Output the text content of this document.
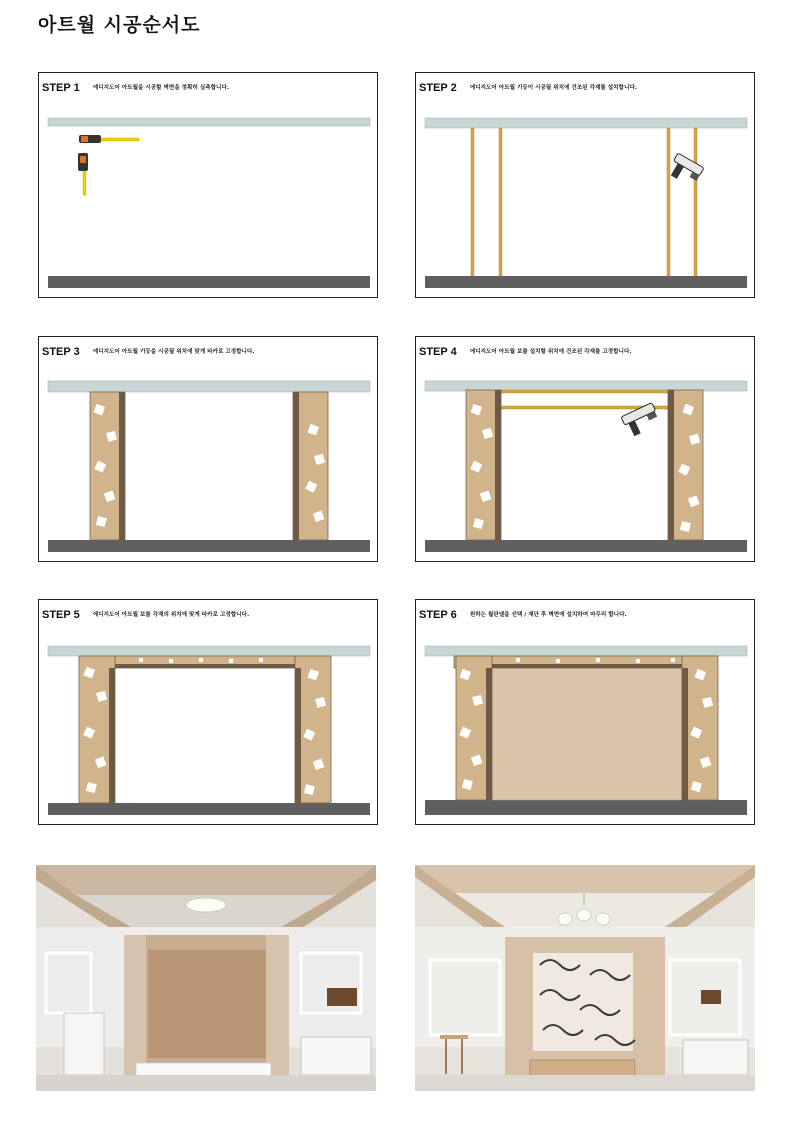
아트월 시공순서도
STEP 1 에디지도어 아트월을 시공할 벽면을 정확히 실측합니다.	STEP 2 에디지도어 아트월 기둥이 시공될 위치에 건조된 각재를 설치합니다.
STEP 3 에디지도어 아트월 기둥을 시공될 위치에 맞게 타카로 고정합니다.	STEP 4 에디지도어 아트월 보를 설치할 위치에 건조된 각재를 고정합니다.
STEP 5 에디지도어 아트월 보를 각재의 위치에 맞게 타카로 고정합니다.	STEP 6 원하는 월판넬을 선택 / 재단 후 벽면에 설치하여 마무리 합니다.
